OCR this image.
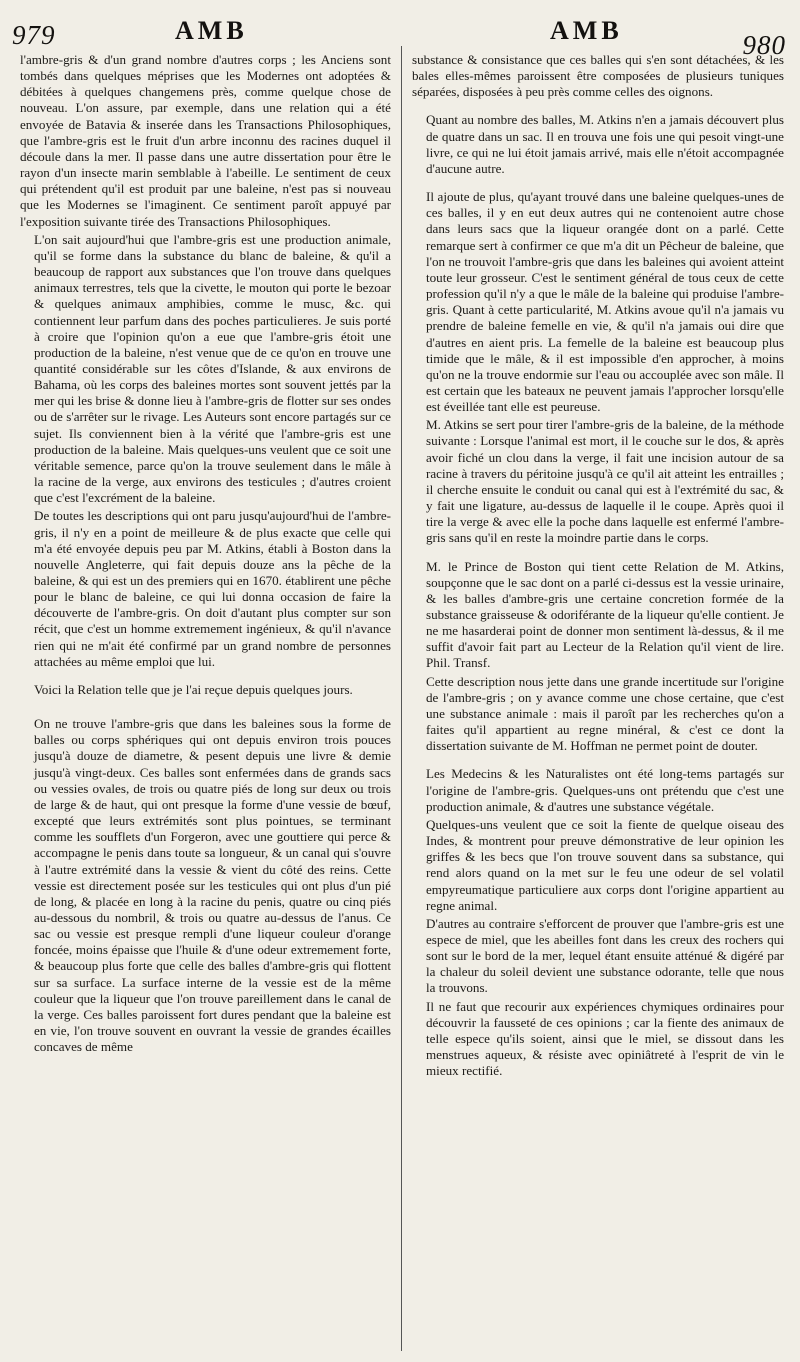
979	AMB	AMB	980

l'ambre-gris & d'un grand nombre d'autres corps ; les Anciens sont tombés dans quelques méprises que les Modernes ont adoptées & débitées à quelques changemens près, comme quelque chose de nouveau. L'on assure, par exemple, dans une relation qui a été envoyée de Batavia & inserée dans les Transactions Philosophiques, que l'ambre-gris est le fruit d'un arbre inconnu des racines duquel il découle dans la mer. Il passe dans une autre dissertation pour être le rayon d'un insecte marin semblable à l'abeille. Le sentiment de ceux qui prétendent qu'il est produit par une baleine, n'est pas si nouveau que les Modernes se l'imaginent. Ce sentiment paroît appuyé par l'exposition suivante tirée des Transactions Philosophiques.

L'on sait aujourd'hui que l'ambre-gris est une production animale, qu'il se forme dans la substance du blanc de baleine, & qu'il a beaucoup de rapport aux substances que l'on trouve dans quelques animaux terrestres, tels que la civette, le mouton qui porte le bezoar & quelques animaux amphibies, comme le musc, &c. qui contiennent leur parfum dans des poches particulieres. Je suis porté à croire que l'opinion qu'on a eue que l'ambre-gris étoit une production de la baleine, n'est venue que de ce qu'on en trouve une quantité considérable sur les côtes d'Islande, & aux environs de Bahama, où les corps des baleines mortes sont souvent jettés par la mer qui les brise & donne lieu à l'ambre-gris de flotter sur ses ondes ou de s'arrêter sur le rivage. Les Auteurs sont encore partagés sur ce sujet. Ils conviennent bien à la vérité que l'ambre-gris est une production de la baleine. Mais quelques-uns veulent que ce soit une véritable semence, parce qu'on la trouve seulement dans le mâle à la racine de la verge, aux environs des testicules ; d'autres croient que c'est l'excrément de la baleine.

De toutes les descriptions qui ont paru jusqu'aujourd'hui de l'ambre-gris, il n'y en a point de meilleure & de plus exacte que celle qui m'a été envoyée depuis peu par M. Atkins, établi à Boston dans la nouvelle Angleterre, qui fait depuis douze ans la pêche de la baleine, & qui est un des premiers qui en 1670. établirent une pêche pour le blanc de baleine, ce qui lui donna occasion de faire la découverte de l'ambre-gris. On doit d'autant plus compter sur son récit, que c'est un homme extremement ingénieux, & qu'il n'avance rien qui ne m'ait été confirmé par un grand nombre de personnes attachées au même emploi que lui.

Voici la Relation telle que je l'ai reçue depuis quelques jours.

On ne trouve l'ambre-gris que dans les baleines sous la forme de balles ou corps sphériques qui ont depuis environ trois pouces jusqu'à douze de diametre, & pesent depuis une livre & demie jusqu'à vingt-deux. Ces balles sont enfermées dans de grands sacs ou vessies ovales, de trois ou quatre piés de long sur deux ou trois de large & de haut, qui ont presque la forme d'une vessie de bœuf, excepté que leurs extrémités sont plus pointues, se terminant comme les soufflets d'un Forgeron, avec une gouttiere qui perce & accompagne le penis dans toute sa longueur, & un canal qui s'ouvre à l'autre extrémité dans la vessie & vient du côté des reins. Cette vessie est directement posée sur les testicules qui ont plus d'un pié de long, & placée en long à la racine du penis, quatre ou cinq piés au-dessous du nombril, & trois ou quatre au-dessus de l'anus. Ce sac ou vessie est presque rempli d'une liqueur couleur d'orange foncée, moins épaisse que l'huile & d'une odeur extremement forte, & beaucoup plus forte que celle des balles d'ambre-gris qui flottent sur sa surface. La surface interne de la vessie est de la même couleur que la liqueur que l'on trouve pareillement dans le canal de la verge. Ces balles paroissent fort dures pendant que la baleine est en vie, l'on trouve souvent en ouvrant la vessie de grandes écailles concaves de même

substance & consistance que ces balles qui s'en sont détachées, & les bales elles-mêmes paroissent être composées de plusieurs tuniques séparées, disposées à peu près comme celles des oignons.

Quant au nombre des balles, M. Atkins n'en a jamais découvert plus de quatre dans un sac. Il en trouva une fois une qui pesoit vingt-une livre, ce qui ne lui étoit jamais arrivé, mais elle n'étoit accompagnée d'aucune autre.

Il ajoute de plus, qu'ayant trouvé dans une baleine quelques-unes de ces balles, il y en eut deux autres qui ne contenoient autre chose dans leurs sacs que la liqueur orangée dont on a parlé. Cette remarque sert à confirmer ce que m'a dit un Pêcheur de baleine, que l'on ne trouvoit l'ambre-gris que dans les baleines qui avoient atteint toute leur grosseur. C'est le sentiment général de tous ceux de cette profession qu'il n'y a que le mâle de la baleine qui produise l'ambre-gris. Quant à cette particularité, M. Atkins avoue qu'il n'a jamais vu prendre de baleine femelle en vie, & qu'il n'a jamais oui dire que d'autres en aient pris. La femelle de la baleine est beaucoup plus timide que le mâle, & il est impossible d'en approcher, à moins qu'on ne la trouve endormie sur l'eau ou accouplée avec son mâle. Il est certain que les bateaux ne peuvent jamais l'approcher lorsqu'elle est éveillée tant elle est peureuse.

M. Atkins se sert pour tirer l'ambre-gris de la baleine, de la méthode suivante : Lorsque l'animal est mort, il le couche sur le dos, & après avoir fiché un clou dans la verge, il fait une incision autour de sa racine à travers du péritoine jusqu'à ce qu'il ait atteint les entrailles ; il cherche ensuite le conduit ou canal qui est à l'extrémité du sac, & y fait une ligature, au-dessus de laquelle il le coupe. Après quoi il tire la verge & avec elle la poche dans laquelle est enfermé l'ambre-gris sans qu'il en reste la moindre partie dans le corps.

M. le Prince de Boston qui tient cette Relation de M. Atkins, soupçonne que le sac dont on a parlé ci-dessus est la vessie urinaire, & les balles d'ambre-gris une certaine concretion formée de la substance graisseuse & odoriférante de la liqueur qu'elle contient. Je ne me hasarderai point de donner mon sentiment là-dessus, & il me suffit d'avoir fait part au Lecteur de la Relation qu'il vient de lire. Phil. Transf.

Cette description nous jette dans une grande incertitude sur l'origine de l'ambre-gris ; on y avance comme une chose certaine, que c'est une substance animale : mais il paroît par les recherches qu'on a faites qu'il appartient au regne minéral, & c'est ce dont la dissertation suivante de M. Hoffman ne permet point de douter.

Les Medecins & les Naturalistes ont été long-tems partagés sur l'origine de l'ambre-gris. Quelques-uns ont prétendu que c'est une production animale, & d'autres une substance végétale.

Quelques-uns veulent que ce soit la fiente de quelque oiseau des Indes, & montrent pour preuve démonstrative de leur opinion les griffes & les becs que l'on trouve souvent dans sa substance, qui rend alors quand on la met sur le feu une odeur de sel volatil empyreumatique particuliere aux corps dont l'origine appartient au regne animal.

D'autres au contraire s'efforcent de prouver que l'ambre-gris est une espece de miel, que les abeilles font dans les creux des rochers qui sont sur le bord de la mer, lequel étant ensuite atténué & digéré par la chaleur du soleil devient une substance odorante, telle que nous la trouvons.

Il ne faut que recourir aux expériences chymiques ordinaires pour découvrir la fausseté de ces opinions ; car la fiente des animaux de telle espece qu'ils soient, ainsi que le miel, se dissout dans les menstrues aqueux, & résiste avec opiniâtreté à l'esprit de vin le mieux rectifié.
